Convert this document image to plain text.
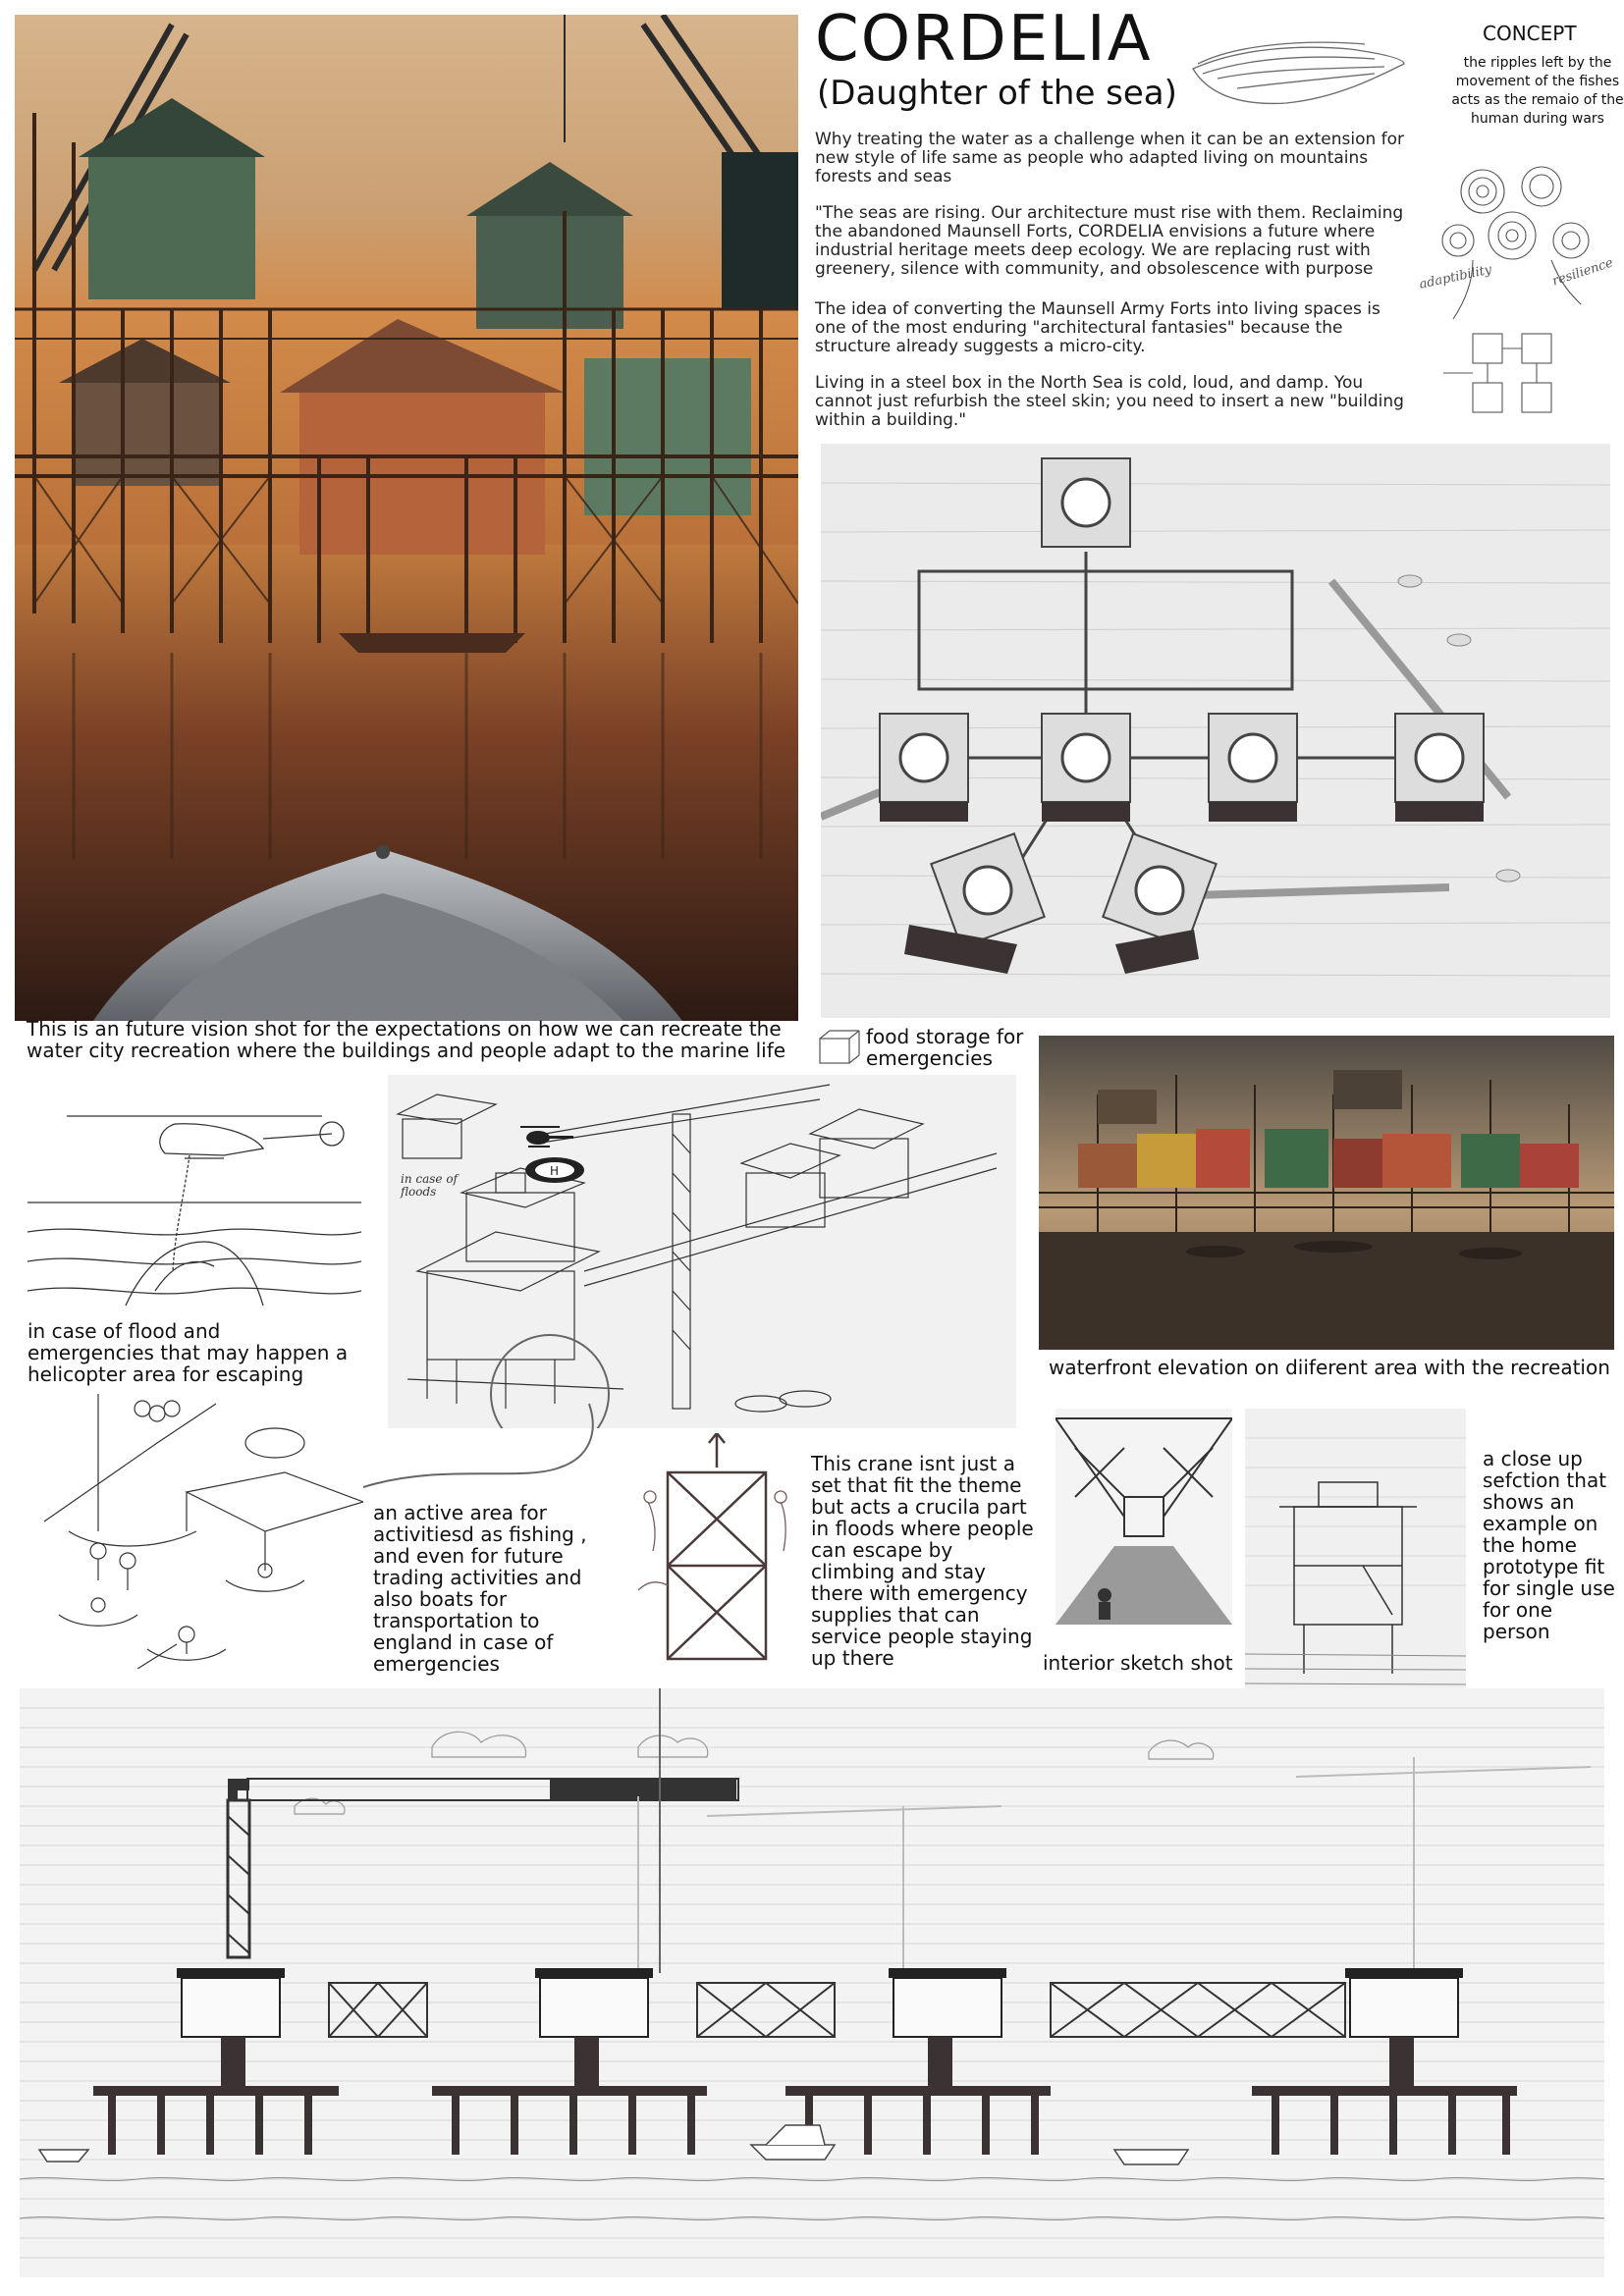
CORDELIA
(Daughter of the sea)
CONCEPT
the ripples left by the movement of the fishes acts as the remaio of the human during wars
adaptibility	resilience
Why treating the water as a challenge when it can be an extension for new style of life same as people who adapted living on mountains forests and seas
"The seas are rising. Our architecture must rise with them. Reclaiming the abandoned Maunsell Forts, CORDELIA envisions a future where industrial heritage meets deep ecology. We are replacing rust with greenery, silence with community, and obsolescence with purpose
The idea of converting the Maunsell Army Forts into living spaces is one of the most enduring "architectural fantasies" because the structure already suggests a micro-city.
Living in a steel box in the North Sea is cold, loud, and damp. You cannot just refurbish the steel skin; you need to insert a new "building within a building."
This is an future vision shot for the expectations on how we can recreate the water city recreation where the buildings and people adapt to the marine life
food storage for emergencies
in case of flood and emergencies that may happen a helicopter area for escaping
H
in case of floods
waterfront elevation on diiferent area with the recreation
an active area for activitiesd as fishing , and even for future trading activities and also boats for transportation to england in case of emergencies
This crane isnt just a set that fit the theme but acts a crucila part in floods where people can escape by climbing and stay there with emergency supplies that can service people staying up there	interior sketch shot
a close up sefction that shows an example on the home prototype fit for single use for one person
